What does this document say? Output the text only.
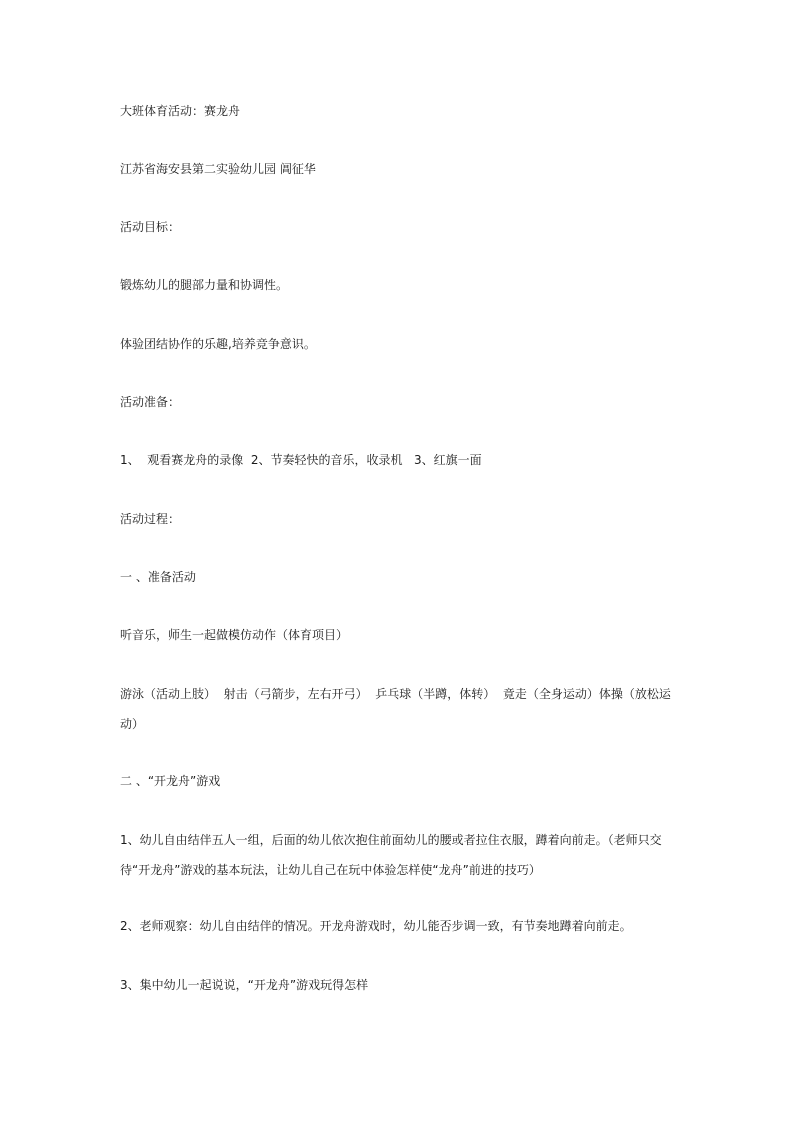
大班体育活动：赛龙舟
江苏省海安县第二实验幼儿园 阊征华
活动目标：
锻炼幼儿的腿部力量和协调性。
体验团结协作的乐趣,培养竞争意识。
活动准备：
1、  观看赛龙舟的录像  2、节奏轻快的音乐，收录机   3、红旗一面
活动过程：
一 、准备活动
听音乐，师生一起做模仿动作（体育项目）
游泳（活动上肢）  射击（弓箭步，左右开弓）  乒乓球（半蹲，体转）  竟走（全身运动）体操（放松运动）
二 、“开龙舟”游戏
1、幼儿自由结伴五人一组，后面的幼儿依次抱住前面幼儿的腰或者拉住衣服，蹲着向前走。（老师只交待“开龙舟”游戏的基本玩法，让幼儿自己在玩中体验怎样使“龙舟”前进的技巧）
2、老师观察：幼儿自由结伴的情况。开龙舟游戏时，幼儿能否步调一致，有节奏地蹲着向前走。
3、集中幼儿一起说说，“开龙舟”游戏玩得怎样
